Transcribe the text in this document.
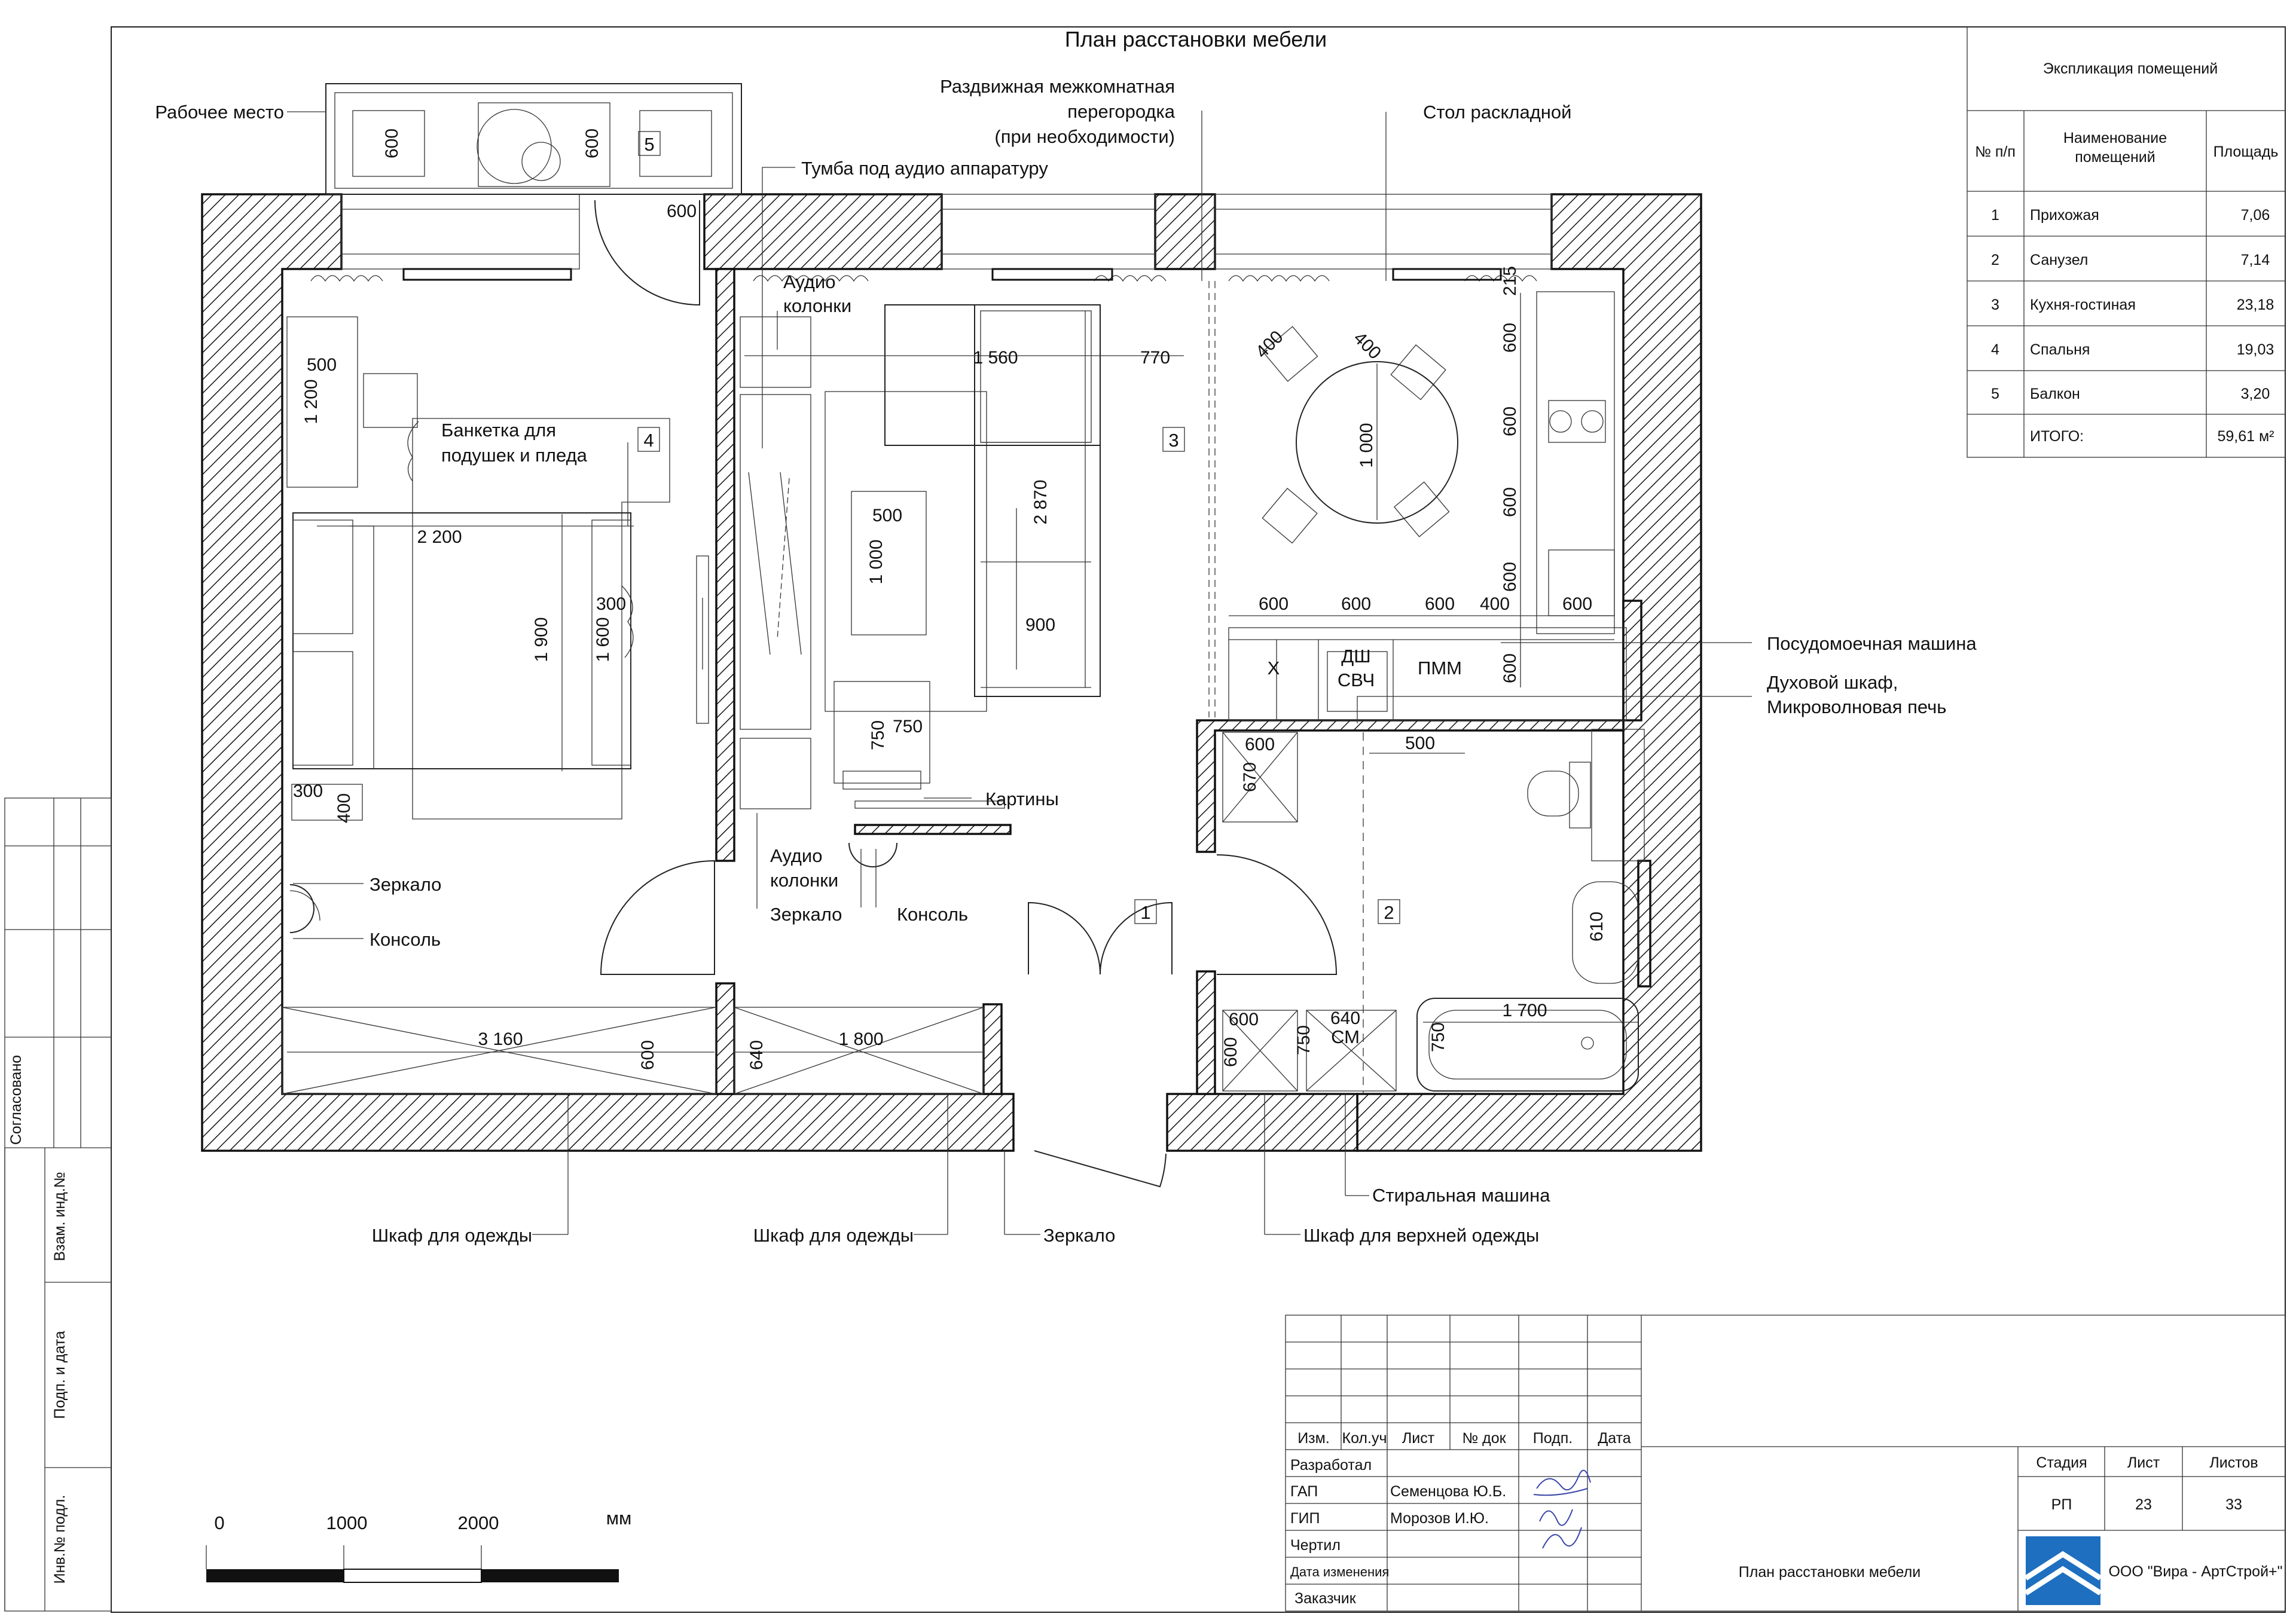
План расстановки мебели
600	600
600
500
1 200
2 200
1 900 1 600
300
300
400
1 560	770
2 870
900
500
1 000
750 750
400	400
1 000
215
600
600
600
600
600	600	600 400	600
600
600
670
500
610
600
600
640
750
1 700
750
3 160
600	640
1 800
Х
ДШ
СВЧ
ПММ
СМ
1	2
3
4
5
Рабочее место
Раздвижная межкомнатная
перегородка
(при необходимости)
Стол раскладной
Тумба под аудио аппаратуру
Аудио
колонки
Банкетка для
подушек и пледа
Посудомоечная машина
Духовой шкаф,
Микроволновая печь
Картины
Аудио
колонки
Зеркало	Консоль
Зеркало
Консоль
Шкаф для одежды	Шкаф для одежды	Зеркало	Шкаф для верхней одежды
Стиральная машина
0	1000	2000	мм
Согласовано
Взам. инд.№
Подп. и дата
Инв.№ подл.
Экспликация помещений
№ п/п
Наименование помещений	Площадь
1 Прихожая	7,06
2 Санузел	7,14
3 Кухня-гостиная	23,18
4 Спальня	19,03
5 Балкон	3,20
ИТОГО:	59,61 м²
Изм. Кол.уч Лист № док Подп. Дата
Разработал
ГАП	Семенцова Ю.Б.
ГИП	Морозов И.Ю.
Чертил
Дата изменения
Заказчик
Стадия	Лист	Листов
РП	23	33
План расстановки мебели	ООО "Вира - АртСтрой+"
